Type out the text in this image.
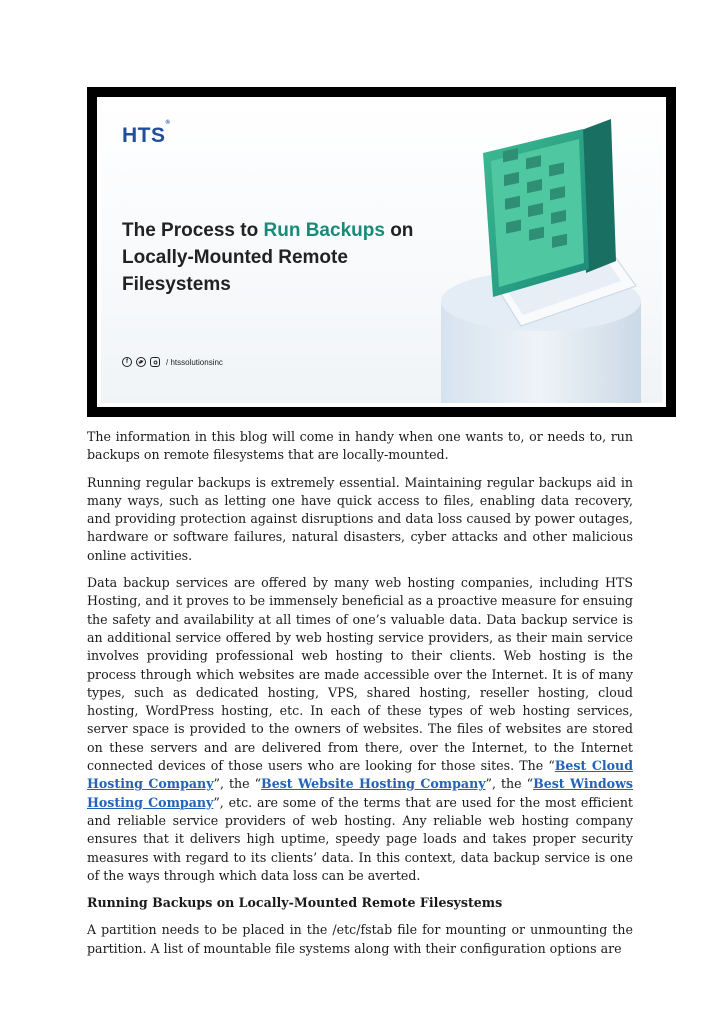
HTS®
The Process to Run Backups on Locally-Mounted Remote Filesystems
f	/ htssolutionsinc

The information in this blog will come in handy when one wants to, or needs to, run backups on remote filesystems that are locally-mounted.

Running regular backups is extremely essential. Maintaining regular backups aid in many ways, such as letting one have quick access to files, enabling data recovery, and providing protection against disruptions and data loss caused by power outages, hardware or software failures, natural disasters, cyber attacks and other malicious online activities.

Data backup services are offered by many web hosting companies, including HTS Hosting, and it proves to be immensely beneficial as a proactive measure for ensuing the safety and availability at all times of one’s valuable data. Data backup service is an additional service offered by web hosting service providers, as their main service involves providing professional web hosting to their clients. Web hosting is the process through which websites are made accessible over the Internet. It is of many types, such as dedicated hosting, VPS, shared hosting, reseller hosting, cloud hosting, WordPress hosting, etc. In each of these types of web hosting services, server space is provided to the owners of websites. The files of websites are stored on these servers and are delivered from there, over the Internet, to the Internet connected devices of those users who are looking for those sites. The “Best Cloud Hosting Company”, the “Best Website Hosting Company”, the “Best Windows Hosting Company”, etc. are some of the terms that are used for the most efficient and reliable service providers of web hosting. Any reliable web hosting company ensures that it delivers high uptime, speedy page loads and takes proper security measures with regard to its clients’ data. In this context, data backup service is one of the ways through which data loss can be averted.

Running Backups on Locally-Mounted Remote Filesystems

A partition needs to be placed in the /etc/fstab file for mounting or unmounting the partition. A list of mountable file systems along with their configuration options are
